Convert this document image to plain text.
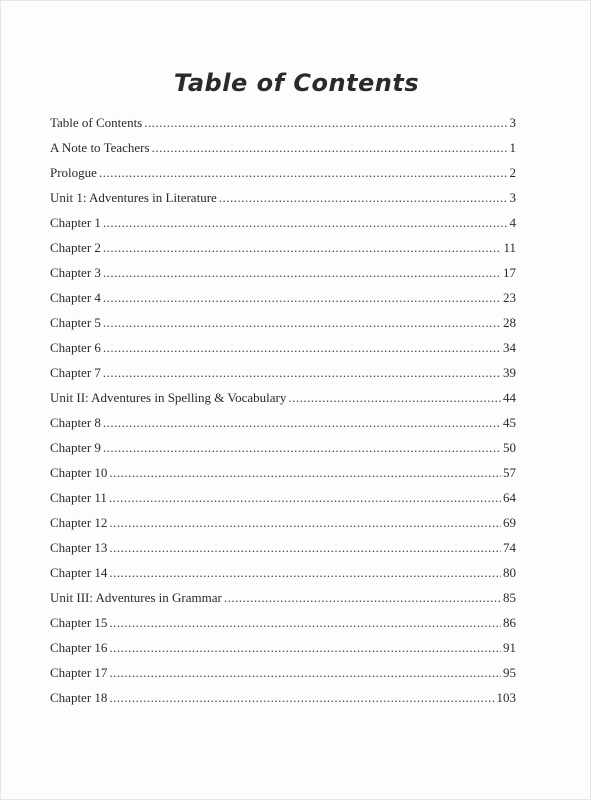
Table of Contents
Table of Contents .....	3
A Note to Teachers .....	1
Prologue .....	2
Unit 1: Adventures in Literature .....	3
Chapter 1 .....	4
Chapter 2 .....	11
Chapter 3 .....	17
Chapter 4 .....	23
Chapter 5 .....	28
Chapter 6 .....	34
Chapter 7 .....	39
Unit II: Adventures in Spelling & Vocabulary .....	44
Chapter 8 .....	45
Chapter 9 .....	50
Chapter 10 .....	57
Chapter 11 .....	64
Chapter 12 .....	69
Chapter 13 .....	74
Chapter 14 .....	80
Unit III: Adventures in Grammar .....	85
Chapter 15 .....	86
Chapter 16 .....	91
Chapter 17 .....	95
Chapter 18 .....	103
